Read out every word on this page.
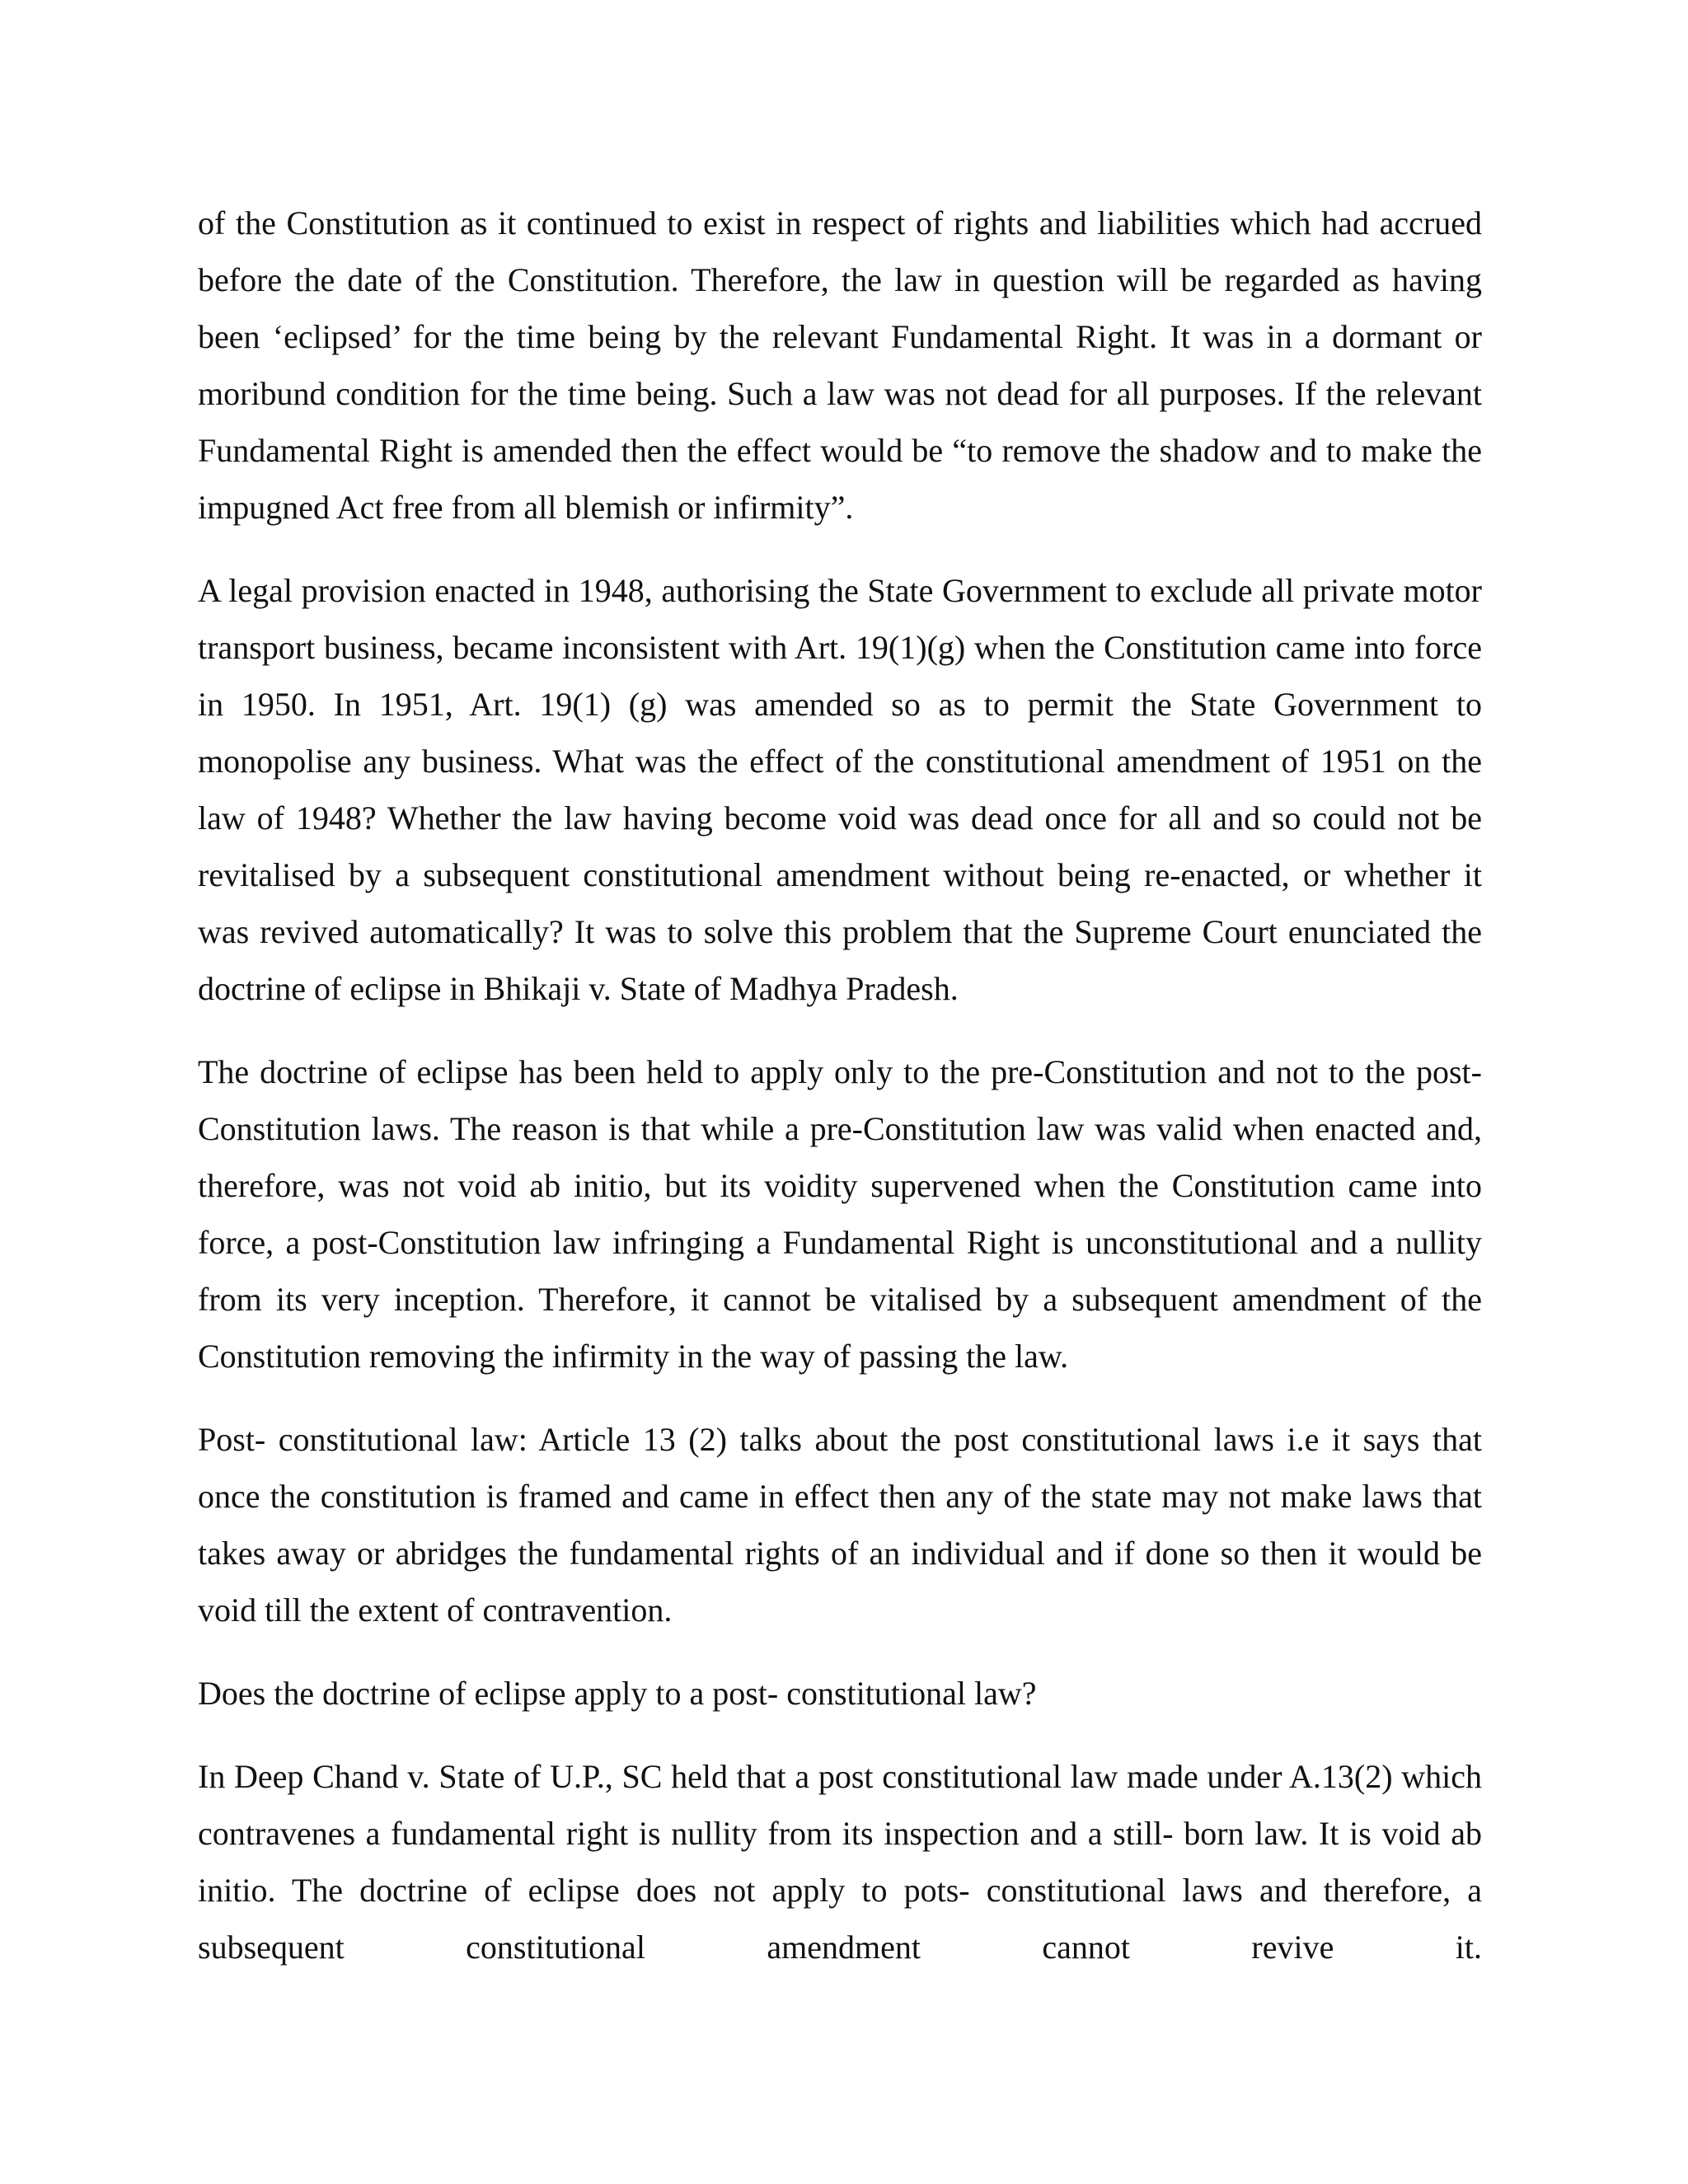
of the Constitution as it continued to exist in respect of rights and liabilities which had accrued before the date of the Constitution. Therefore, the law in question will be regarded as having been ‘eclipsed’ for the time being by the relevant Fundamental Right. It was in a dormant or moribund condition for the time being. Such a law was not dead for all purposes. If the relevant Fundamental Right is amended then the effect would be “to remove the shadow and to make the impugned Act free from all blemish or infirmity”.

A legal provision enacted in 1948, authorising the State Government to exclude all private motor transport business, became inconsistent with Art. 19(1)(g) when the Constitution came into force in 1950. In 1951, Art. 19(1) (g) was amended so as to permit the State Government to monopolise any business. What was the effect of the constitutional amendment of 1951 on the law of 1948? Whether the law having become void was dead once for all and so could not be revitalised by a subsequent constitutional amendment without being re-enacted, or whether it was revived automatically? It was to solve this problem that the Supreme Court enunciated the doctrine of eclipse in Bhikaji v. State of Madhya Pradesh.

The doctrine of eclipse has been held to apply only to the pre-Constitution and not to the post-Constitution laws. The reason is that while a pre-Constitution law was valid when enacted and, therefore, was not void ab initio, but its voidity supervened when the Constitution came into force, a post-Constitution law infringing a Fundamental Right is unconstitutional and a nullity from its very inception. Therefore, it cannot be vitalised by a subsequent amendment of the Constitution removing the infirmity in the way of passing the law.

Post- constitutional law: Article 13 (2) talks about the post constitutional laws i.e it says that once the constitution is framed and came in effect then any of the state may not make laws that takes away or abridges the fundamental rights of an individual and if done so then it would be void till the extent of contravention.

Does the doctrine of eclipse apply to a post- constitutional law?

In Deep Chand v. State of U.P., SC held that a post constitutional law made under A.13(2) which contravenes a fundamental right is nullity from its inspection and a still- born law. It is void ab initio. The doctrine of eclipse does not apply to pots- constitutional laws and therefore, a subsequent constitutional amendment cannot revive it.
